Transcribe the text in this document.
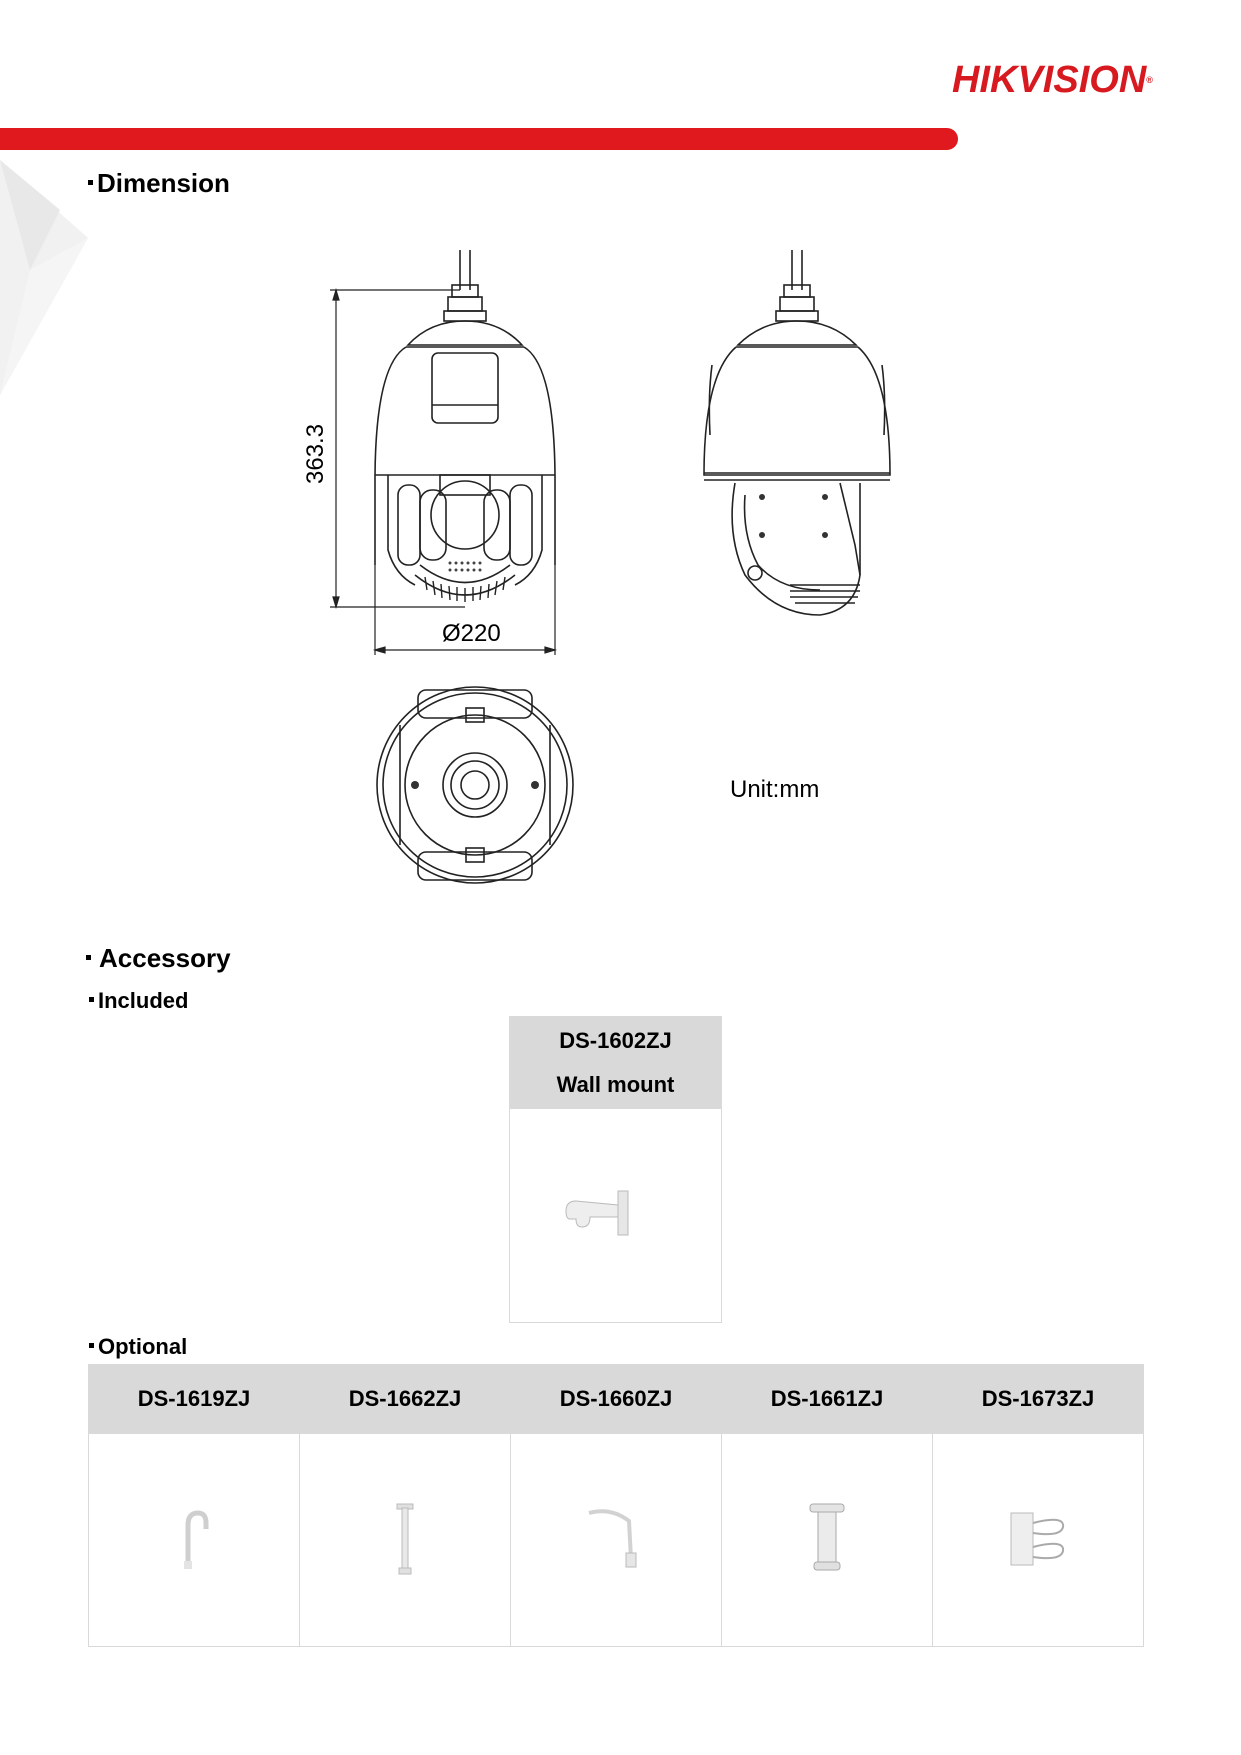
HIKVISION®
Dimension
363.3
Ø220
Unit:mm
Accessory
Included
DS-1602ZJ
Wall mount

Optional
DS-1619ZJ	DS-1662ZJ	DS-1660ZJ	DS-1661ZJ	DS-1673ZJ
